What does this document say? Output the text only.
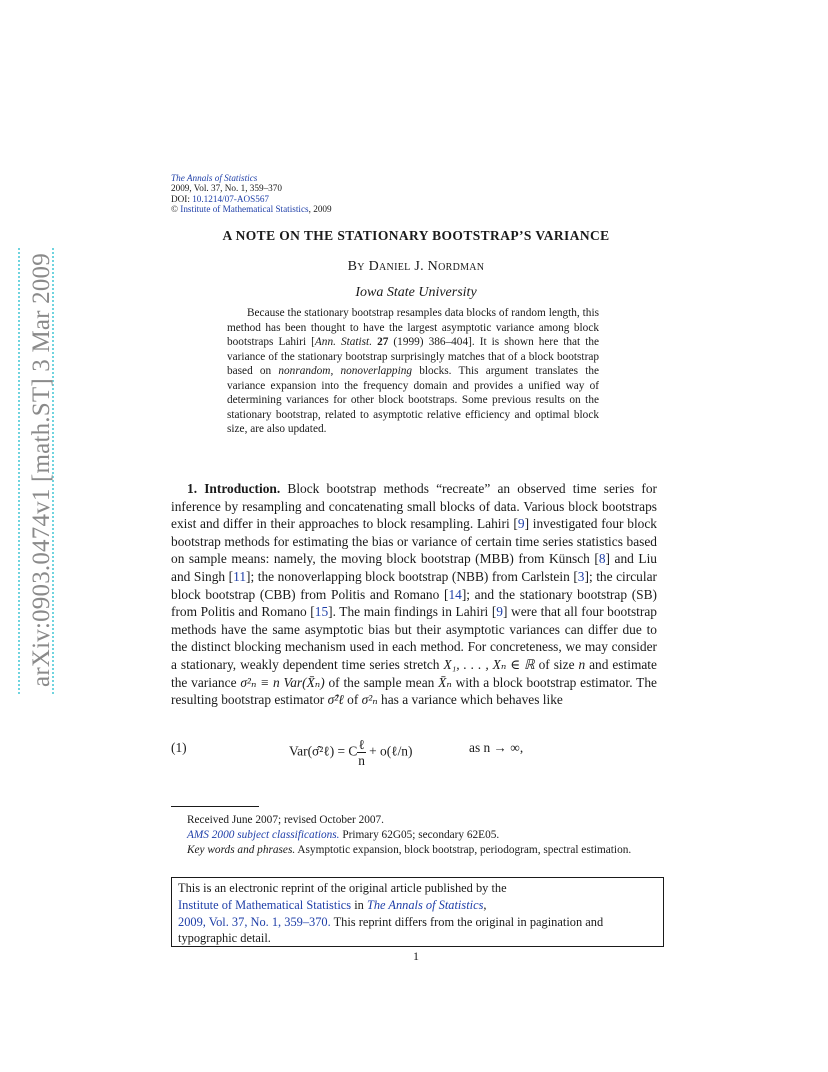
arXiv:0903.0474v1 [math.ST] 3 Mar 2009
The Annals of Statistics
2009, Vol. 37, No. 1, 359–370
DOI: 10.1214/07-AOS567
© Institute of Mathematical Statistics, 2009
A NOTE ON THE STATIONARY BOOTSTRAP’S VARIANCE
By Daniel J. Nordman
Iowa State University

Because the stationary bootstrap resamples data blocks of random length, this method has been thought to have the largest asymptotic variance among block bootstraps Lahiri [Ann. Statist. 27 (1999) 386–404]. It is shown here that the variance of the stationary bootstrap surprisingly matches that of a block bootstrap based on nonrandom, nonoverlapping blocks. This argument translates the variance expansion into the frequency domain and provides a unified way of determining variances for other block bootstraps. Some previous results on the stationary bootstrap, related to asymptotic relative efficiency and optimal block size, are also updated.

1. Introduction. Block bootstrap methods “recreate” an observed time series for inference by resampling and concatenating small blocks of data. Various block bootstraps exist and differ in their approaches to block resampling. Lahiri [9] investigated four block bootstrap methods for estimating the bias or variance of certain time series statistics based on sample means: namely, the moving block bootstrap (MBB) from Künsch [8] and Liu and Singh [11]; the nonoverlapping block bootstrap (NBB) from Carlstein [3]; the circular block bootstrap (CBB) from Politis and Romano [14]; and the stationary bootstrap (SB) from Politis and Romano [15]. The main findings in Lahiri [9] were that all four bootstrap methods have the same asymptotic bias but their asymptotic variances can differ due to the distinct blocking mechanism used in each method. For concreteness, we may consider a stationary, weakly dependent time series stretch X₁, . . . , Xₙ ∈ ℝ of size n and estimate the variance σ²ₙ ≡ n Var(X̄ₙ) of the sample mean X̄ₙ with a block bootstrap estimator. The resulting bootstrap estimator σ̂²ℓ of σ²ₙ has a variance which behaves like

(1)	Var(σ̂²ℓ) = C $\frac{\text{ℓ}}{n}$ + o(ℓ/n)	as n → ∞,

Received June 2007; revised October 2007.

AMS 2000 subject classifications. Primary 62G05; secondary 62E05.

Key words and phrases. Asymptotic expansion, block bootstrap, periodogram, spectral estimation.

This is an electronic reprint of the original article published by the
Institute of Mathematical Statistics in The Annals of Statistics,
2009, Vol. 37, No. 1, 359–370. This reprint differs from the original in pagination and typographic detail.

1
